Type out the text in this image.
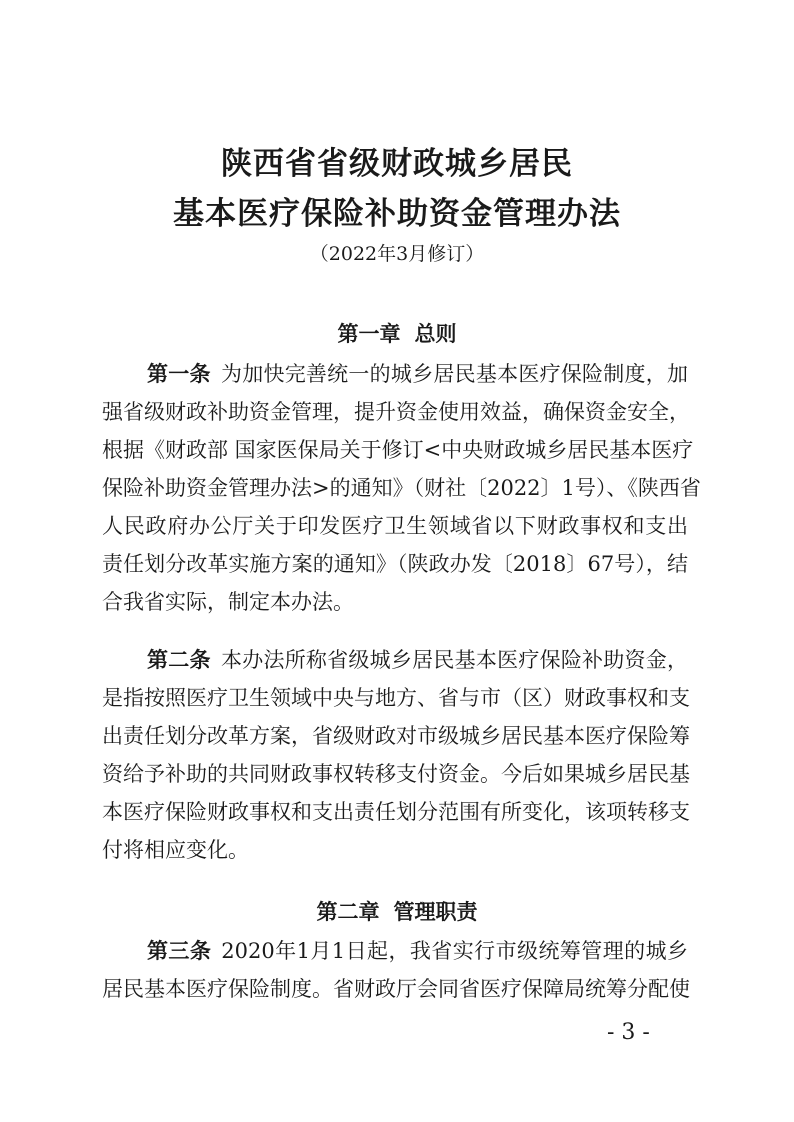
陕西省省级财政城乡居民
基本医疗保险补助资金管理办法
（2022年3月修订）
第一章 总则
第一条 为加快完善统一的城乡居民基本医疗保险制度，加
强省级财政补助资金管理，提升资金使用效益，确保资金安全，
根据《财政部 国家医保局关于修订<中央财政城乡居民基本医疗
保险补助资金管理办法>的通知》（财社〔2022〕1号）、《陕西省
人民政府办公厅关于印发医疗卫生领域省以下财政事权和支出
责任划分改革实施方案的通知》（陕政办发〔2018〕67号），结
合我省实际，制定本办法。
第二条 本办法所称省级城乡居民基本医疗保险补助资金，
是指按照医疗卫生领域中央与地方、省与市（区）财政事权和支
出责任划分改革方案，省级财政对市级城乡居民基本医疗保险筹
资给予补助的共同财政事权转移支付资金。今后如果城乡居民基
本医疗保险财政事权和支出责任划分范围有所变化，该项转移支
付将相应变化。
第二章 管理职责
第三条 2020年1月1日起，我省实行市级统筹管理的城乡
居民基本医疗保险制度。省财政厅会同省医疗保障局统筹分配使
- 3 -
